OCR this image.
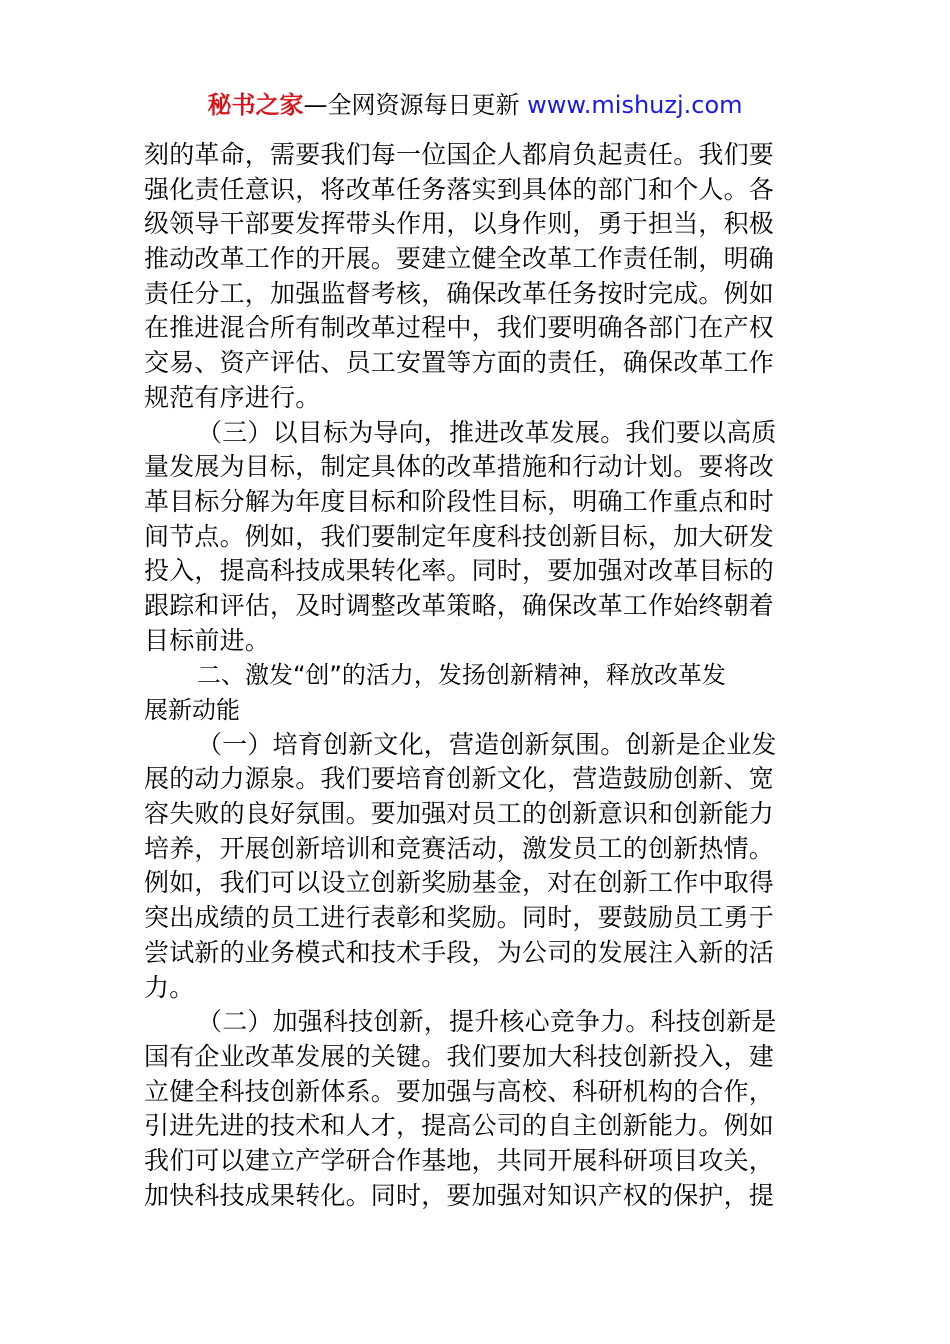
秘书之家—全网资源每日更新 www.mishuzj.com
刻的革命，需要我们每一位国企人都肩负起责任。我们要
强化责任意识，将改革任务落实到具体的部门和个人。各
级领导干部要发挥带头作用，以身作则，勇于担当，积极
推动改革工作的开展。要建立健全改革工作责任制，明确
责任分工，加强监督考核，确保改革任务按时完成。例如
在推进混合所有制改革过程中，我们要明确各部门在产权
交易、资产评估、员工安置等方面的责任，确保改革工作
规范有序进行。
（三）以目标为导向，推进改革发展。我们要以高质
量发展为目标，制定具体的改革措施和行动计划。要将改
革目标分解为年度目标和阶段性目标，明确工作重点和时
间节点。例如，我们要制定年度科技创新目标，加大研发
投入，提高科技成果转化率。同时，要加强对改革目标的
跟踪和评估，及时调整改革策略，确保改革工作始终朝着
目标前进。
二、激发“创”的活力，发扬创新精神，释放改革发
展新动能
（一）培育创新文化，营造创新氛围。创新是企业发
展的动力源泉。我们要培育创新文化，营造鼓励创新、宽
容失败的良好氛围。要加强对员工的创新意识和创新能力
培养，开展创新培训和竞赛活动，激发员工的创新热情。
例如，我们可以设立创新奖励基金，对在创新工作中取得
突出成绩的员工进行表彰和奖励。同时，要鼓励员工勇于
尝试新的业务模式和技术手段，为公司的发展注入新的活
力。
（二）加强科技创新，提升核心竞争力。科技创新是
国有企业改革发展的关键。我们要加大科技创新投入，建
立健全科技创新体系。要加强与高校、科研机构的合作，
引进先进的技术和人才，提高公司的自主创新能力。例如
我们可以建立产学研合作基地，共同开展科研项目攻关，
加快科技成果转化。同时，要加强对知识产权的保护，提
